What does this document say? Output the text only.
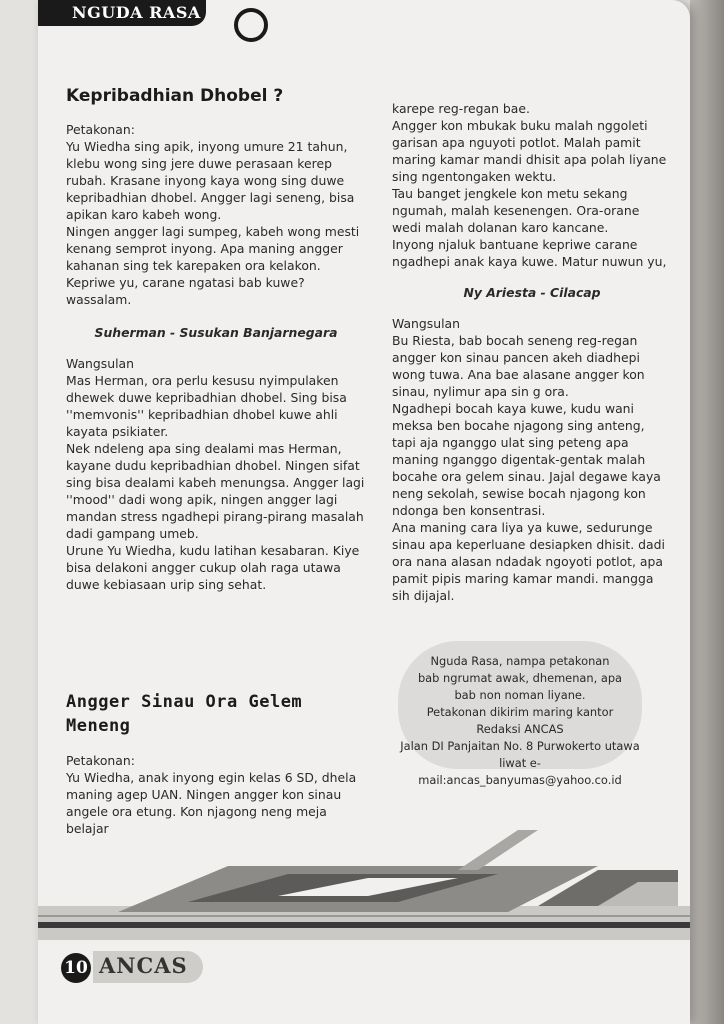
NGUDA RASA
Kepribadhian Dhobel ?

Petakonan:

Yu Wiedha sing apik, inyong umure 21 tahun, klebu wong sing jere duwe perasaan kerep rubah. Krasane inyong kaya wong sing duwe kepribadhian dhobel. Angger lagi seneng, bisa apikan karo kabeh wong.

Ningen angger lagi sumpeg, kabeh wong mesti kenang semprot inyong. Apa maning angger kahanan sing tek karepaken ora kelakon. Kepriwe yu, carane ngatasi bab kuwe? wassalam.

Suherman - Susukan Banjarnegara

Wangsulan

Mas Herman, ora perlu kesusu nyimpulaken dhewek duwe kepribadhian dhobel. Sing bisa ''memvonis'' kepribadhian dhobel kuwe ahli kayata psikiater.

Nek ndeleng apa sing dealami mas Herman, kayane dudu kepribadhian dhobel. Ningen sifat sing bisa dealami kabeh menungsa. Angger lagi ''mood'' dadi wong apik, ningen angger lagi mandan stress ngadhepi pirang-pirang masalah dadi gampang umeb.

Urune Yu Wiedha, kudu latihan kesabaran. Kiye bisa delakoni angger cukup olah raga utawa duwe kebiasaan urip sing sehat.

Angger Sinau Ora Gelem Meneng

Petakonan:

Yu Wiedha, anak inyong egin kelas 6 SD, dhela maning agep UAN. Ningen angger kon sinau angele ora etung. Kon njagong neng meja belajar

karepe reg-regan bae.

Angger kon mbukak buku malah nggoleti garisan apa nguyoti potlot. Malah pamit maring kamar mandi dhisit apa polah liyane sing ngentongaken wektu.

Tau banget jengkele kon metu sekang ngumah, malah kesenengen. Ora-orane wedi malah dolanan karo kancane.

Inyong njaluk bantuane kepriwe carane ngadhepi anak kaya kuwe. Matur nuwun yu,

Ny Ariesta - Cilacap

Wangsulan

Bu Riesta, bab bocah seneng reg-regan angger kon sinau pancen akeh diadhepi wong tuwa. Ana bae alasane angger kon sinau, nylimur apa sin g ora.

Ngadhepi bocah kaya kuwe, kudu wani meksa ben bocahe njagong sing anteng, tapi aja nganggo ulat sing peteng apa maning nganggo digentak-gentak malah bocahe ora gelem sinau. Jajal degawe kaya neng sekolah, sewise bocah njagong kon ndonga ben konsentrasi.

Ana maning cara liya ya kuwe, sedurunge sinau apa keperluane desiapken dhisit. dadi ora nana alasan ndadak ngoyoti potlot, apa pamit pipis maring kamar mandi. mangga sih dijajal.

Nguda Rasa, nampa petakonan
bab ngrumat awak, dhemenan, apa
bab non noman liyane.
Petakonan dikirim maring kantor
Redaksi ANCAS
Jalan DI Panjaitan No. 8 Purwokerto utawa
liwat e-mail:ancas_banyumas@yahoo.co.id
10 ANCAS
